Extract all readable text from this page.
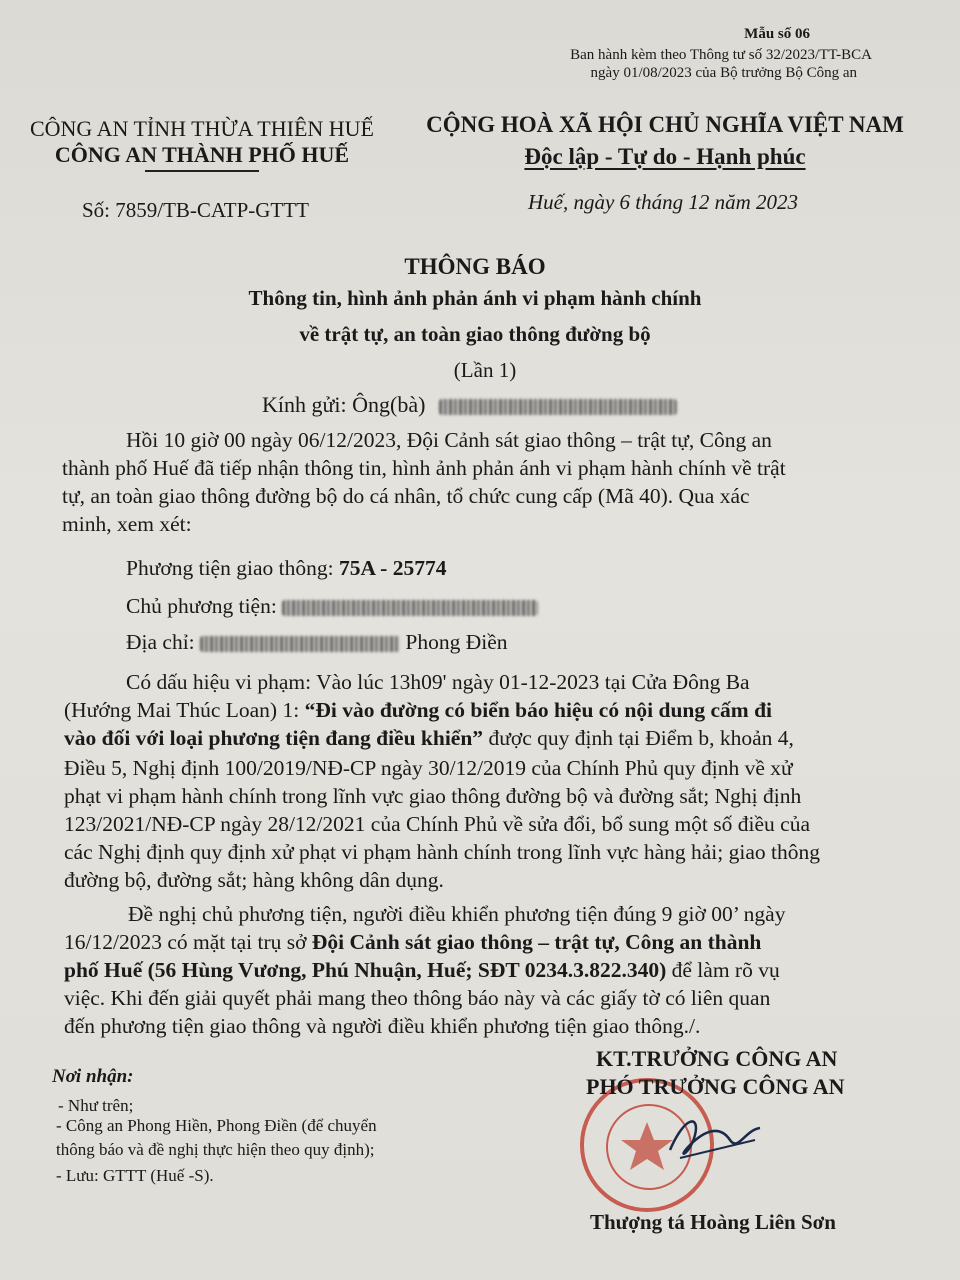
Mẫu số 06
Ban hành kèm theo Thông tư số 32/2023/TT-BCA
ngày 01/08/2023 của Bộ trưởng Bộ Công an
CÔNG AN TỈNH THỪA THIÊN HUẾ
CÔNG AN THÀNH PHỐ HUẾ
CỘNG HOÀ XÃ HỘI CHỦ NGHĨA VIỆT NAM
Độc lập - Tự do - Hạnh phúc
Số: 7859/TB-CATP-GTTT	Huế, ngày 6 tháng 12 năm 2023
THÔNG BÁO
Thông tin, hình ảnh phản ánh vi phạm hành chính
về trật tự, an toàn giao thông đường bộ
(Lần 1)
Kính gửi: Ông(bà)
Hồi 10 giờ 00 ngày 06/12/2023, Đội Cảnh sát giao thông – trật tự, Công an
thành phố Huế đã tiếp nhận thông tin, hình ảnh phản ánh vi phạm hành chính về trật
tự, an toàn giao thông đường bộ do cá nhân, tổ chức cung cấp (Mã 40). Qua xác
minh, xem xét:
Phương tiện giao thông: 75A - 25774
Chủ phương tiện:
Địa chỉ:	Phong Điền
Có dấu hiệu vi phạm: Vào lúc 13h09' ngày 01-12-2023 tại Cửa Đông Ba
(Hướng Mai Thúc Loan) 1: “Đi vào đường có biển báo hiệu có nội dung cấm đi
vào đối với loại phương tiện đang điều khiển” được quy định tại Điểm b, khoản 4,
Điều 5, Nghị định 100/2019/NĐ-CP ngày 30/12/2019 của Chính Phủ quy định về xử
phạt vi phạm hành chính trong lĩnh vực giao thông đường bộ và đường sắt; Nghị định
123/2021/NĐ-CP ngày 28/12/2021 của Chính Phủ về sửa đổi, bổ sung một số điều của
các Nghị định quy định xử phạt vi phạm hành chính trong lĩnh vực hàng hải; giao thông
đường bộ, đường sắt; hàng không dân dụng.
Đề nghị chủ phương tiện, người điều khiển phương tiện đúng 9 giờ 00’ ngày
16/12/2023 có mặt tại trụ sở Đội Cảnh sát giao thông – trật tự, Công an thành
phố Huế (56 Hùng Vương, Phú Nhuận, Huế; SĐT 0234.3.822.340) để làm rõ vụ
việc. Khi đến giải quyết phải mang theo thông báo này và các giấy tờ có liên quan
đến phương tiện giao thông và người điều khiển phương tiện giao thông./.
Nơi nhận:
- Như trên;
- Công an Phong Hiền, Phong Điền (để chuyển
thông báo và đề nghị thực hiện theo quy định);
- Lưu: GTTT (Huế -S).
KT.TRƯỞNG CÔNG AN
PHÓ TRƯỞNG CÔNG AN
Thượng tá Hoàng Liên Sơn
